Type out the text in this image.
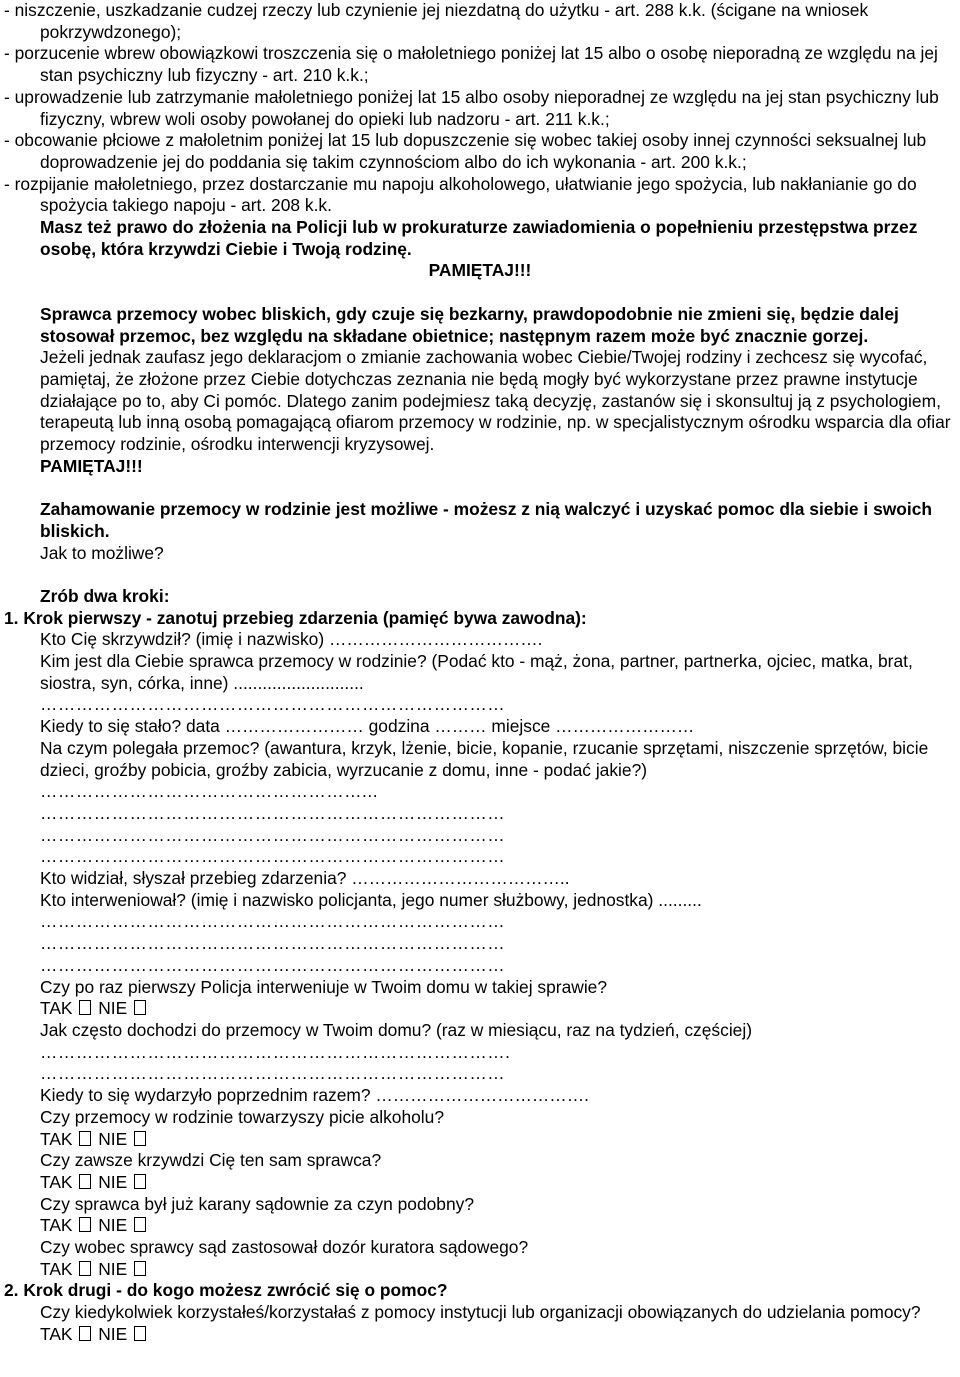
- niszczenie, uszkadzanie cudzej rzeczy lub czynienie jej niezdatną do użytku - art. 288 k.k. (ścigane na wniosek pokrzywdzonego);

- porzucenie wbrew obowiązkowi troszczenia się o małoletniego poniżej lat 15 albo o osobę nieporadną ze względu na jej stan psychiczny lub fizyczny - art. 210 k.k.;

- uprowadzenie lub zatrzymanie małoletniego poniżej lat 15 albo osoby nieporadnej ze względu na jej stan psychiczny lub fizyczny, wbrew woli osoby powołanej do opieki lub nadzoru - art. 211 k.k.;

- obcowanie płciowe z małoletnim poniżej lat 15 lub dopuszczenie się wobec takiej osoby innej czynności seksualnej lub doprowadzenie jej do poddania się takim czynnościom albo do ich wykonania - art. 200 k.k.;

- rozpijanie małoletniego, przez dostarczanie mu napoju alkoholowego, ułatwianie jego spożycia, lub nakłanianie go do spożycia takiego napoju - art. 208 k.k.

Masz też prawo do złożenia na Policji lub w prokuraturze zawiadomienia o popełnieniu przestępstwa przez osobę, która krzywdzi Ciebie i Twoją rodzinę.

PAMIĘTAJ!!!

Sprawca przemocy wobec bliskich, gdy czuje się bezkarny, prawdopodobnie nie zmieni się, będzie dalej stosował przemoc, bez względu na składane obietnice; następnym razem może być znacznie gorzej.

Jeżeli jednak zaufasz jego deklaracjom o zmianie zachowania wobec Ciebie/Twojej rodziny i zechcesz się wycofać, pamiętaj, że złożone przez Ciebie dotychczas zeznania nie będą mogły być wykorzystane przez prawne instytucje działające po to, aby Ci pomóc. Dlatego zanim podejmiesz taką decyzję, zastanów się i skonsultuj ją z psychologiem, terapeutą lub inną osobą pomagającą ofiarom przemocy w rodzinie, np. w specjalistycznym ośrodku wsparcia dla ofiar przemocy rodzinie, ośrodku interwencji kryzysowej.

PAMIĘTAJ!!!

Zahamowanie przemocy w rodzinie jest możliwe - możesz z nią walczyć i uzyskać pomoc dla siebie i swoich bliskich.

Jak to możliwe?

Zrób dwa kroki:

1. Krok pierwszy - zanotuj przebieg zdarzenia (pamięć bywa zawodna):

Kto Cię skrzywdził? (imię i nazwisko) ……………………………….

Kim jest dla Ciebie sprawca przemocy w rodzinie? (Podać kto - mąż, żona, partner, partnerka, ojciec, matka, brat, siostra, syn, córka, inne) ...........................

……………………………………………………………………

Kiedy to się stało? data …………………… godzina ……… miejsce ……………………

Na czym polegała przemoc? (awantura, krzyk, lżenie, bicie, kopanie, rzucanie sprzętami, niszczenie sprzętów, bicie dzieci, groźby pobicia, groźby zabicia, wyrzucanie z domu, inne - podać jakie?)

………………………………………………...

……………………………………………………………………

……………………………………………………………………

……………………………………………………………………

Kto widział, słyszał przebieg zdarzenia? ………………………………..

Kto interweniował? (imię i nazwisko policjanta, jego numer służbowy, jednostka) .........

……………………………………………………………………

……………………………………………………………………

……………………………………………………………………

Czy po raz pierwszy Policja interweniuje w Twoim domu w takiej sprawie?

TAK NIE

Jak często dochodzi do przemocy w Twoim domu? (raz w miesiącu, raz na tydzień, częściej)

…………………………………………………………………….

……………………………………………………………………

Kiedy to się wydarzyło poprzednim razem? ……………………………….

Czy przemocy w rodzinie towarzyszy picie alkoholu?

TAK NIE

Czy zawsze krzywdzi Cię ten sam sprawca?

TAK NIE

Czy sprawca był już karany sądownie za czyn podobny?

TAK NIE

Czy wobec sprawcy sąd zastosował dozór kuratora sądowego?

TAK NIE

2. Krok drugi - do kogo możesz zwrócić się o pomoc?

Czy kiedykolwiek korzystałeś/korzystałaś z pomocy instytucji lub organizacji obowiązanych do udzielania pomocy?

TAK NIE
